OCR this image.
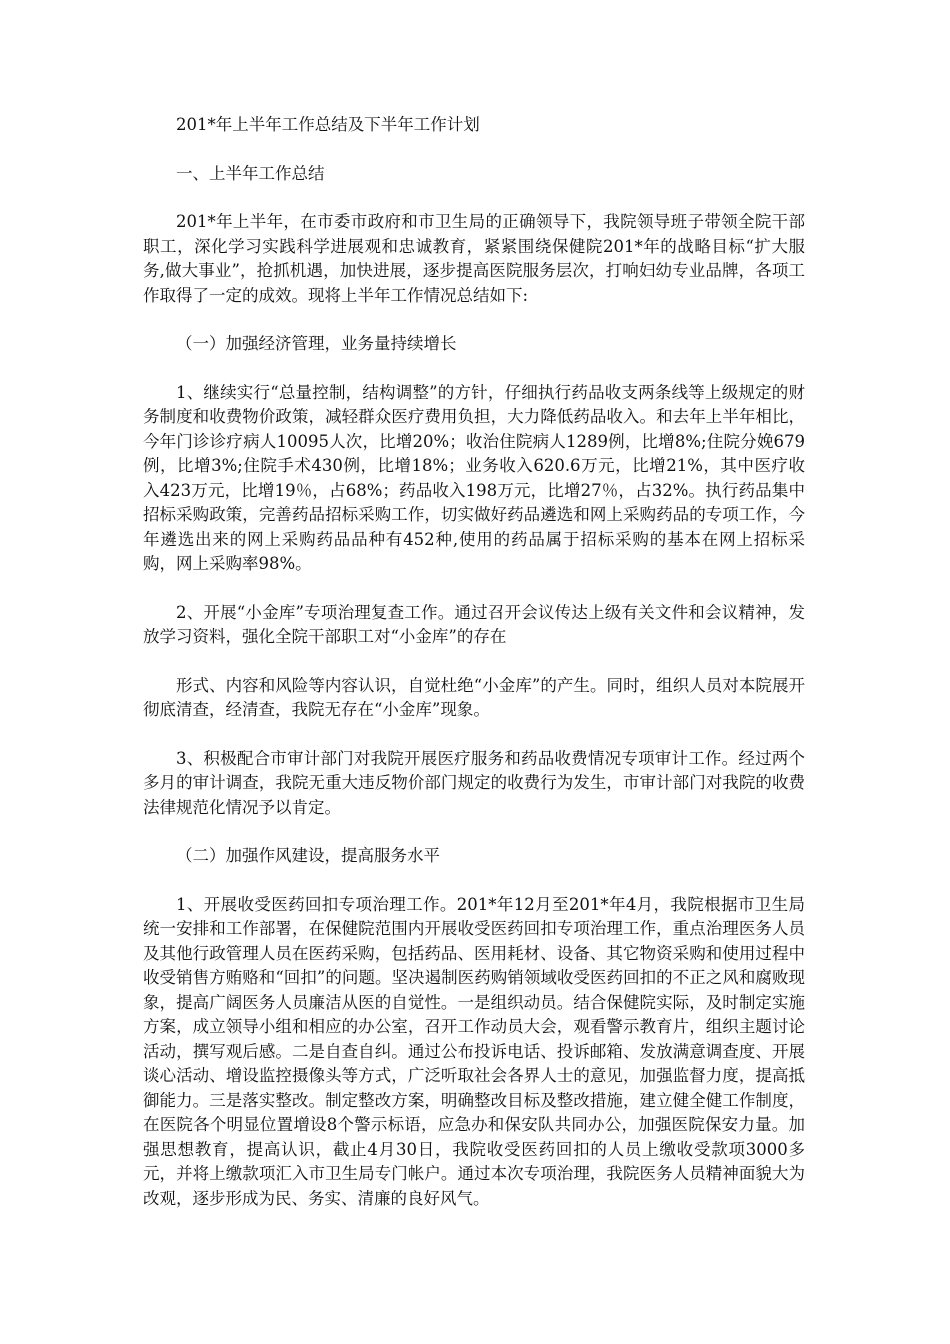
201*年上半年工作总结及下半年工作计划

一、上半年工作总结

201*年上半年，在市委市政府和市卫生局的正确领导下，我院领导班子带领全院干部职工，深化学习实践科学进展观和忠诚教育，紧紧围绕保健院201*年的战略目标“扩大服务,做大事业”，抢抓机遇，加快进展，逐步提高医院服务层次，打响妇幼专业品牌，各项工作取得了一定的成效。现将上半年工作情况总结如下:

（一）加强经济管理，业务量持续增长

1、继续实行“总量控制，结构调整”的方针，仔细执行药品收支两条线等上级规定的财务制度和收费物价政策，减轻群众医疗费用负担，大力降低药品收入。和去年上半年相比，今年门诊诊疗病人10095人次，比增20%；收治住院病人1289例，比增8%;住院分娩679例，比增3%;住院手术430例，比增18%；业务收入620.6万元，比增21%，其中医疗收入423万元，比增19％，占68%；药品收入198万元，比增27％，占32%。执行药品集中招标采购政策，完善药品招标采购工作，切实做好药品遴选和网上采购药品的专项工作，今年遴选出来的网上采购药品品种有452种,使用的药品属于招标采购的基本在网上招标采购，网上采购率98%。

2、开展“小金库”专项治理复查工作。通过召开会议传达上级有关文件和会议精神，发放学习资料，强化全院干部职工对“小金库”的存在

形式、内容和风险等内容认识，自觉杜绝“小金库”的产生。同时，组织人员对本院展开彻底清查，经清查，我院无存在“小金库”现象。

3、积极配合市审计部门对我院开展医疗服务和药品收费情况专项审计工作。经过两个多月的审计调查，我院无重大违反物价部门规定的收费行为发生，市审计部门对我院的收费法律规范化情况予以肯定。

（二）加强作风建设，提高服务水平

1、开展收受医药回扣专项治理工作。201*年12月至201*年4月，我院根据市卫生局统一安排和工作部署，在保健院范围内开展收受医药回扣专项治理工作，重点治理医务人员及其他行政管理人员在医药采购，包括药品、医用耗材、设备、其它物资采购和使用过程中收受销售方贿赂和“回扣”的问题。坚决遏制医药购销领域收受医药回扣的不正之风和腐败现象，提高广阔医务人员廉洁从医的自觉性。一是组织动员。结合保健院实际，及时制定实施方案，成立领导小组和相应的办公室，召开工作动员大会，观看警示教育片，组织主题讨论活动，撰写观后感。二是自查自纠。通过公布投诉电话、投诉邮箱、发放满意调查度、开展谈心活动、增设监控摄像头等方式，广泛听取社会各界人士的意见，加强监督力度，提高抵御能力。三是落实整改。制定整改方案，明确整改目标及整改措施，建立健全健工作制度，在医院各个明显位置增设8个警示标语，应急办和保安队共同办公，加强医院保安力量。加强思想教育，提高认识，截止4月30日，我院收受医药回扣的人员上缴收受款项3000多元，并将上缴款项汇入市卫生局专门帐户。通过本次专项治理，我院医务人员精神面貌大为改观，逐步形成为民、务实、清廉的良好风气。
